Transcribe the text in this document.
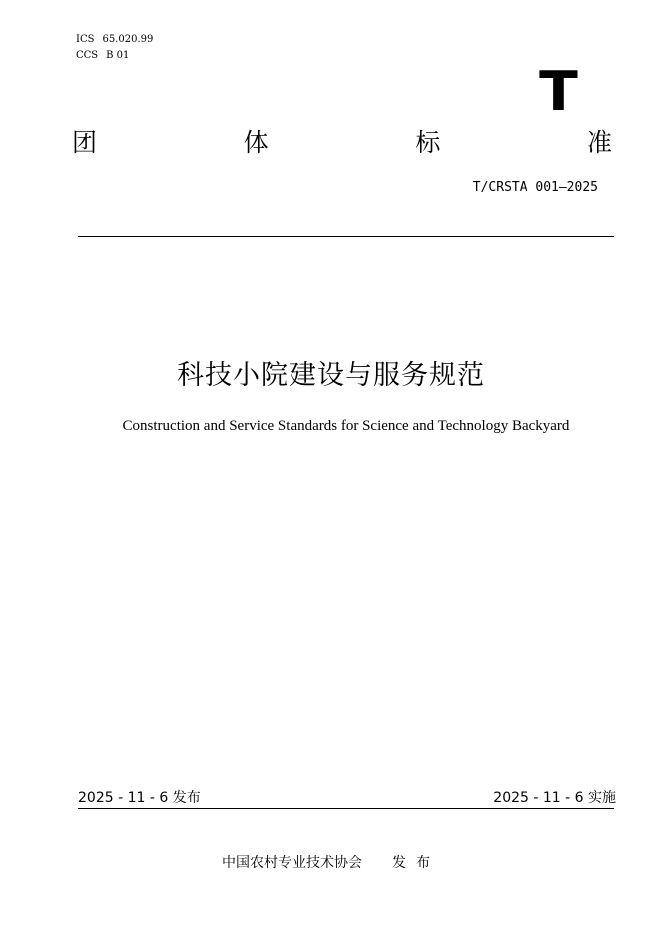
ICS 65.020.99
CCS B 01
T
团	体	标	准
T/CRSTA 001—2025
科技小院建设与服务规范
Construction and Service Standards for Science and Technology Backyard
2025 - 11 - 6 发布	2025 - 11 - 6 实施
中国农村专业技术协会 发布
